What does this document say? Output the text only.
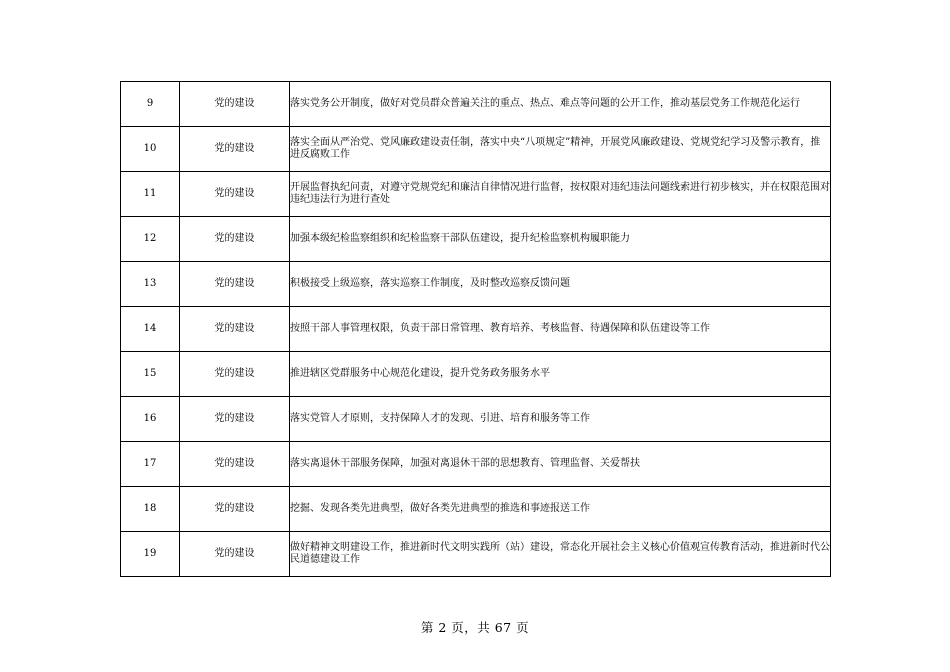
9	党的建设	落实党务公开制度，做好对党员群众普遍关注的重点、热点、难点等问题的公开工作，推动基层党务工作规范化运行
10	党的建设	落实全面从严治党、党风廉政建设责任制，落实中央“八项规定”精神，开展党风廉政建设、党规党纪学习及警示教育，推进反腐败工作
11	党的建设	开展监督执纪问责，对遵守党规党纪和廉洁自律情况进行监督，按权限对违纪违法问题线索进行初步核实，并在权限范围对违纪违法行为进行查处
12	党的建设	加强本级纪检监察组织和纪检监察干部队伍建设，提升纪检监察机构履职能力
13	党的建设	积极接受上级巡察，落实巡察工作制度，及时整改巡察反馈问题
14	党的建设	按照干部人事管理权限，负责干部日常管理、教育培养、考核监督、待遇保障和队伍建设等工作
15	党的建设	推进辖区党群服务中心规范化建设，提升党务政务服务水平
16	党的建设	落实党管人才原则，支持保障人才的发现、引进、培育和服务等工作
17	党的建设	落实离退休干部服务保障，加强对离退休干部的思想教育、管理监督、关爱帮扶
18	党的建设	挖掘、发现各类先进典型，做好各类先进典型的推选和事迹报送工作
19	党的建设	做好精神文明建设工作，推进新时代文明实践所（站）建设，常态化开展社会主义核心价值观宣传教育活动，推进新时代公民道德建设工作
第 2 页，共 67 页
